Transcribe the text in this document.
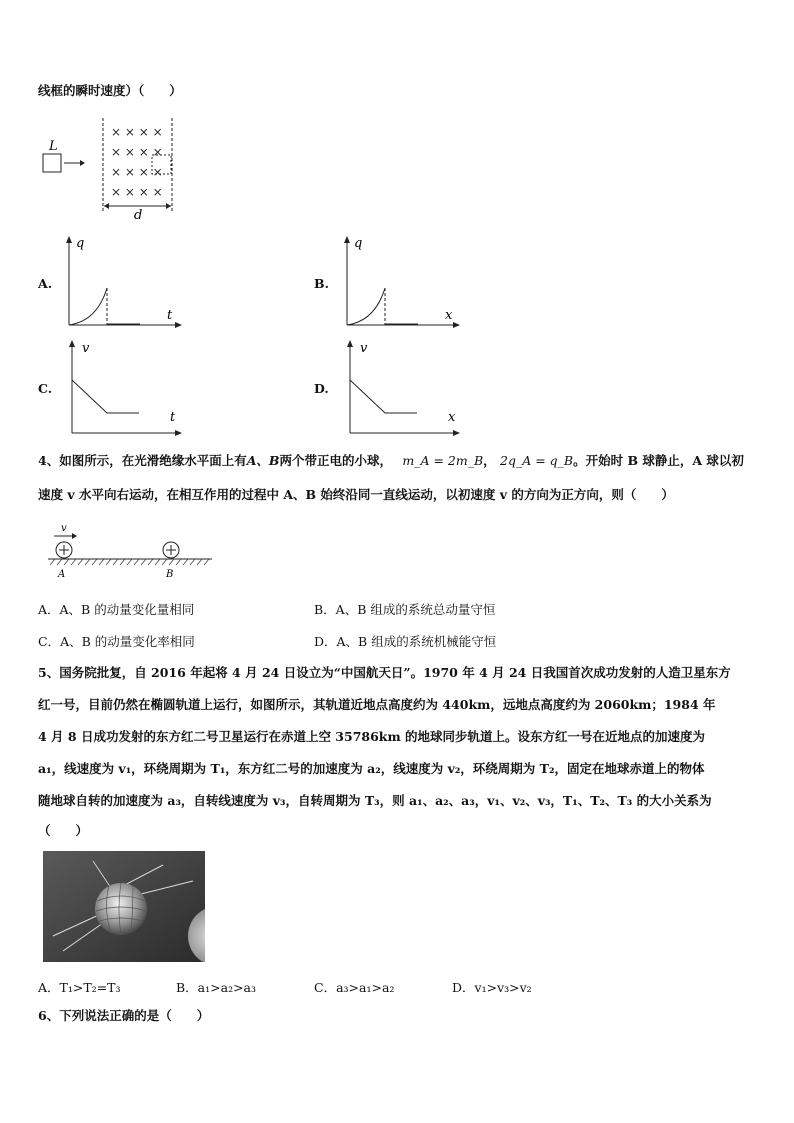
线框的瞬时速度）（　　）
L
× × × ×
× × × ×
× × × ×
× × × ×
d
A.
q
t
B.
q
x
C.
v
t
D.
v
x
4、如图所示，在光滑绝缘水平面上有A、B两个带正电的小球， m_A = 2m_B， 2q_A = q_B。开始时 B 球静止，A 球以初
速度 v 水平向右运动，在相互作用的过程中 A、B 始终沿同一直线运动，以初速度 v 的方向为正方向，则（　　）
v
A	B
A．A、B 的动量变化量相同	B．A、B 组成的系统总动量守恒
C．A、B 的动量变化率相同	D．A、B 组成的系统机械能守恒
5、国务院批复，自 2016 年起将 4 月 24 日设立为“中国航天日”。1970 年 4 月 24 日我国首次成功发射的人造卫星东方
红一号，目前仍然在椭圆轨道上运行，如图所示，其轨道近地点高度约为 440km，远地点高度约为 2060km；1984 年
4 月 8 日成功发射的东方红二号卫星运行在赤道上空 35786km 的地球同步轨道上。设东方红一号在近地点的加速度为
a₁，线速度为 v₁，环绕周期为 T₁，东方红二号的加速度为 a₂，线速度为 v₂，环绕周期为 T₂，固定在地球赤道上的物体
随地球自转的加速度为 a₃，自转线速度为 v₃，自转周期为 T₃，则 a₁、a₂、a₃，v₁、v₂、v₃，T₁、T₂、T₃ 的大小关系为
（　　）
A．T₁>T₂=T₃	B．a₁>a₂>a₃	C．a₃>a₁>a₂	D．v₁>v₃>v₂
6、下列说法正确的是（　　）
